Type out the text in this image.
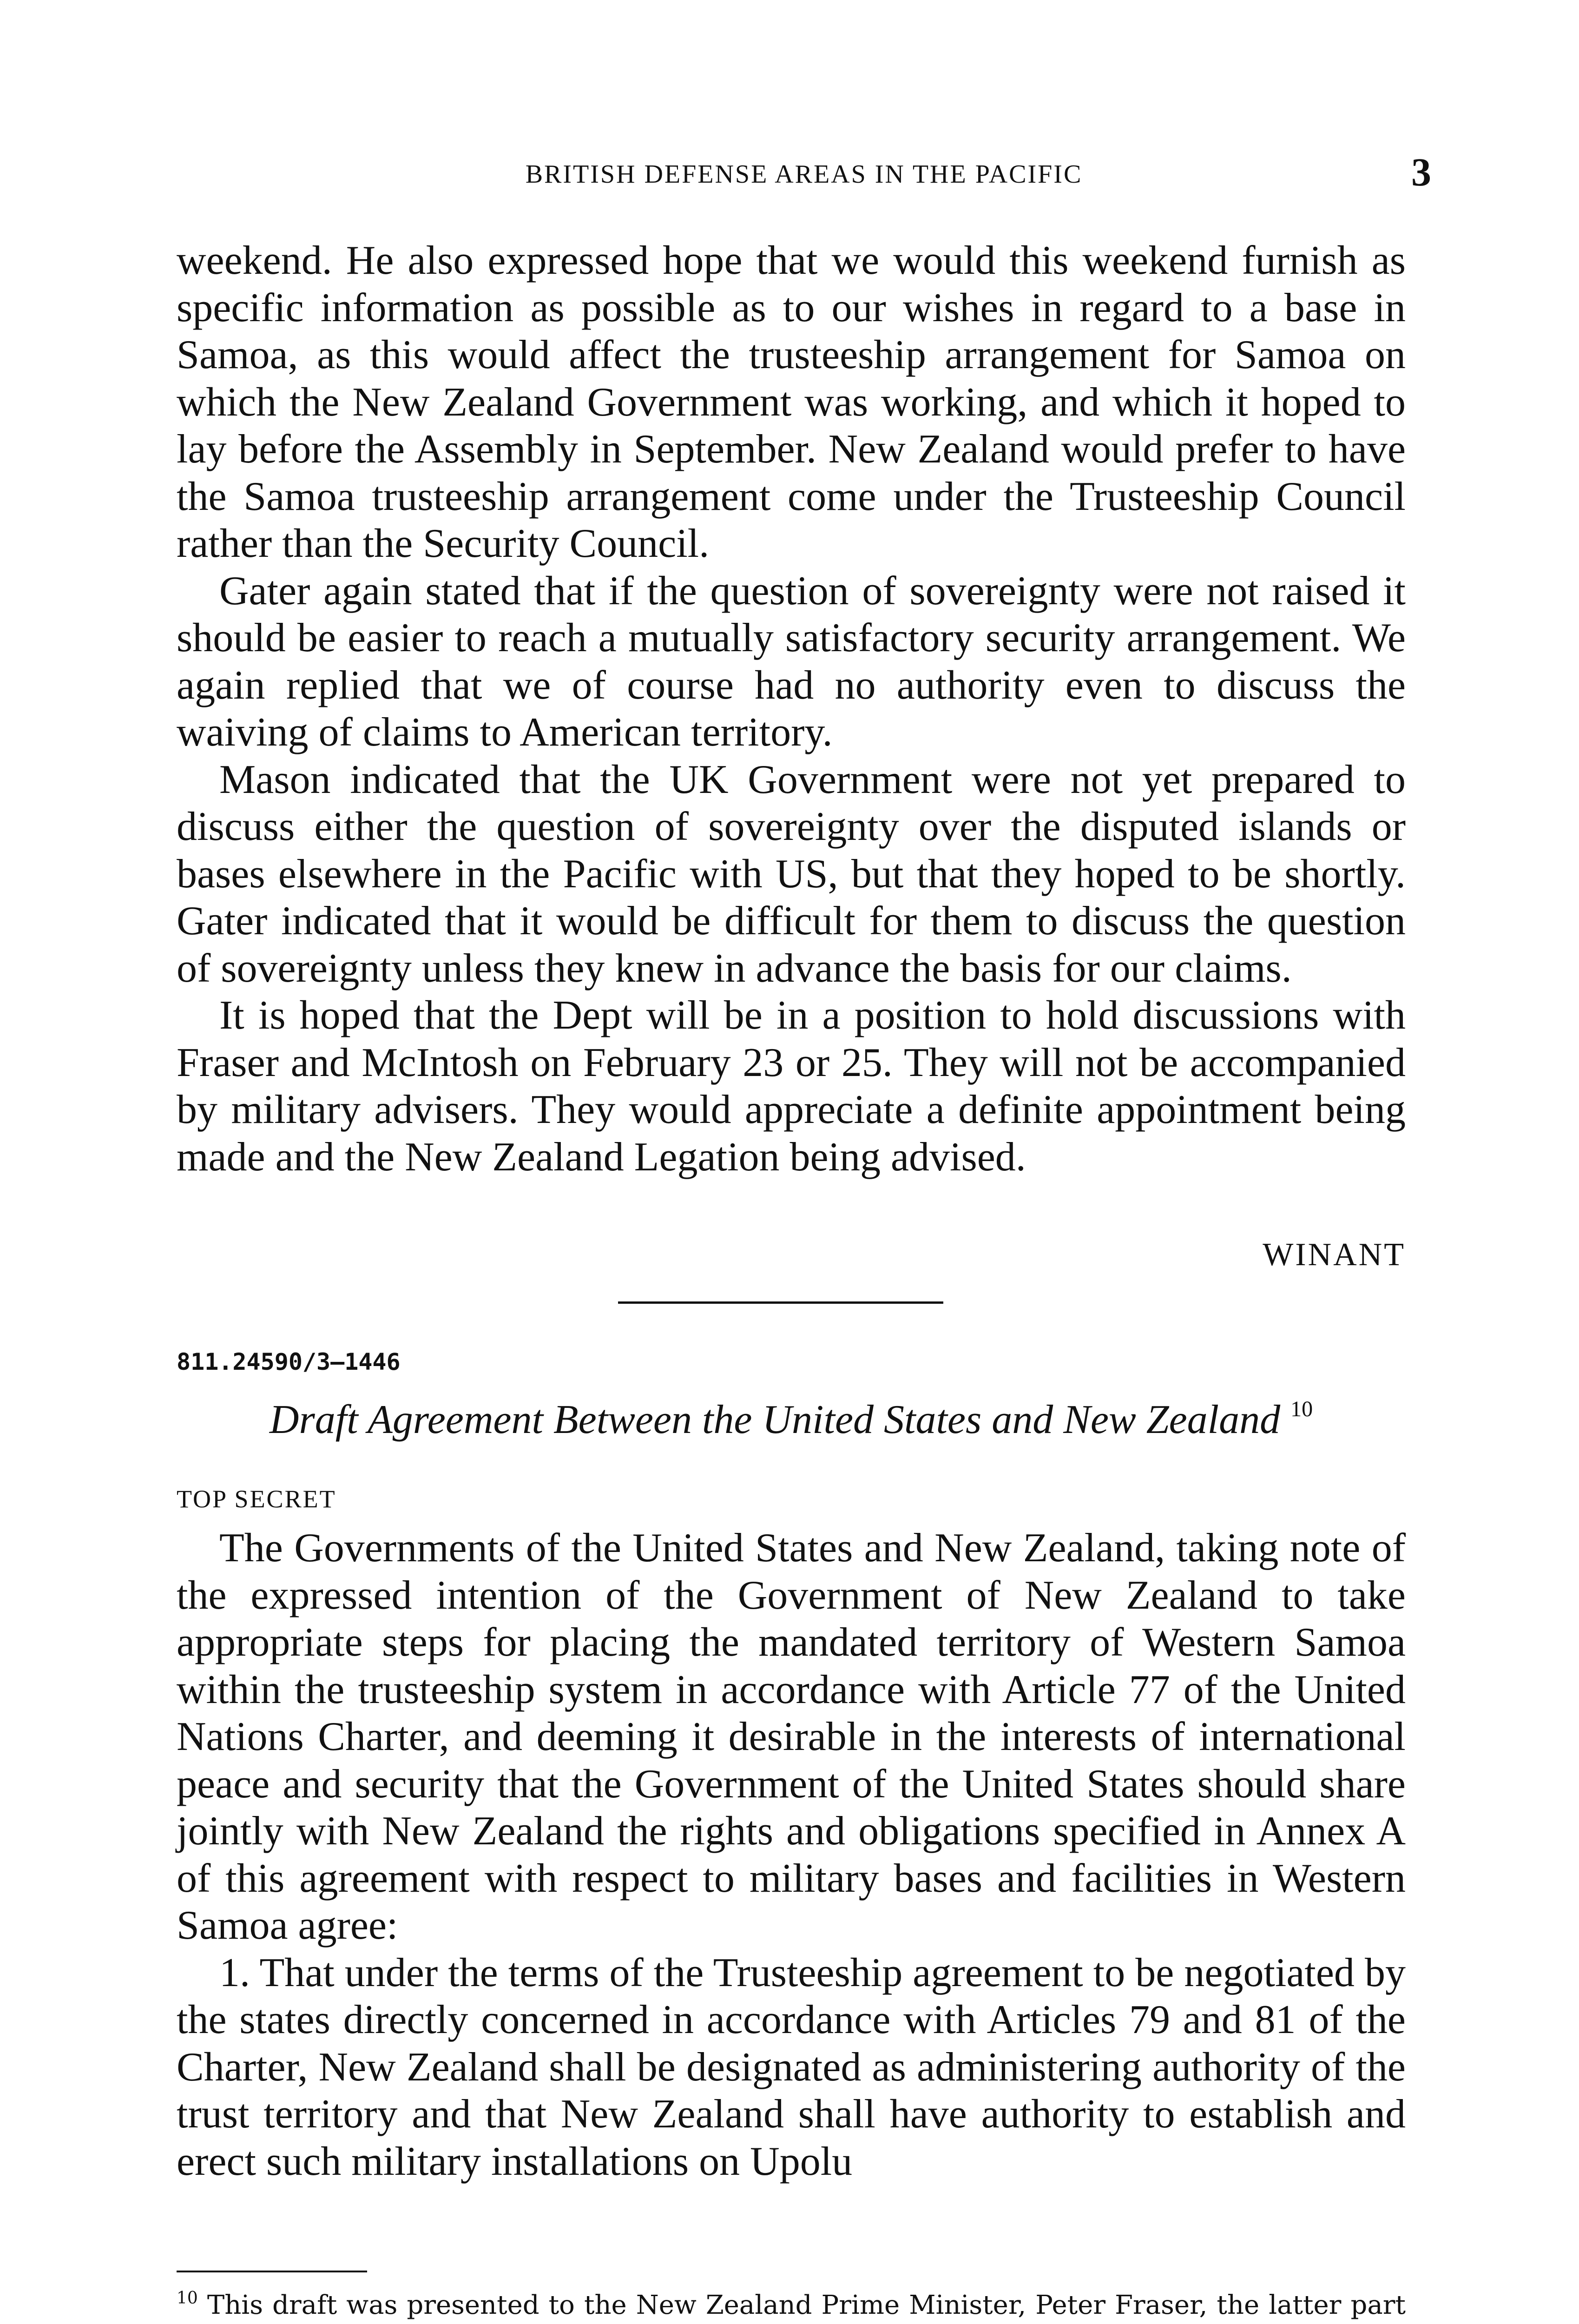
BRITISH DEFENSE AREAS IN THE PACIFIC	3

weekend. He also expressed hope that we would this weekend furnish as specific information as possible as to our wishes in regard to a base in Samoa, as this would affect the trusteeship arrangement for Samoa on which the New Zealand Government was working, and which it hoped to lay before the Assembly in September. New Zealand would prefer to have the Samoa trusteeship arrangement come under the Trusteeship Council rather than the Security Council.

Gater again stated that if the question of sovereignty were not raised it should be easier to reach a mutually satisfactory security arrangement. We again replied that we of course had no authority even to discuss the waiving of claims to American territory.

Mason indicated that the UK Government were not yet prepared to discuss either the question of sovereignty over the disputed islands or bases elsewhere in the Pacific with US, but that they hoped to be shortly. Gater indicated that it would be difficult for them to discuss the question of sovereignty unless they knew in advance the basis for our claims.

It is hoped that the Dept will be in a position to hold discussions with Fraser and McIntosh on February 23 or 25. They will not be accompanied by military advisers. They would appreciate a definite appointment being made and the New Zealand Legation being advised.

WINANT
811.24590/3–1446
Draft Agreement Between the United States and New Zealand $^{10}$
TOP SECRET

The Governments of the United States and New Zealand, taking note of the expressed intention of the Government of New Zealand to take appropriate steps for placing the mandated territory of Western Samoa within the trusteeship system in accordance with Article 77 of the United Nations Charter, and deeming it desirable in the interests of international peace and security that the Government of the United States should share jointly with New Zealand the rights and obligations specified in Annex A of this agreement with respect to military bases and facilities in Western Samoa agree:

1. That under the terms of the Trusteeship agreement to be negotiated by the states directly concerned in accordance with Articles 79 and 81 of the Charter, New Zealand shall be designated as administering authority of the trust territory and that New Zealand shall have authority to establish and erect such military installations on Upolu

$^{10}$ This draft was presented to the New Zealand Prime Minister, Peter Fraser, the latter part
